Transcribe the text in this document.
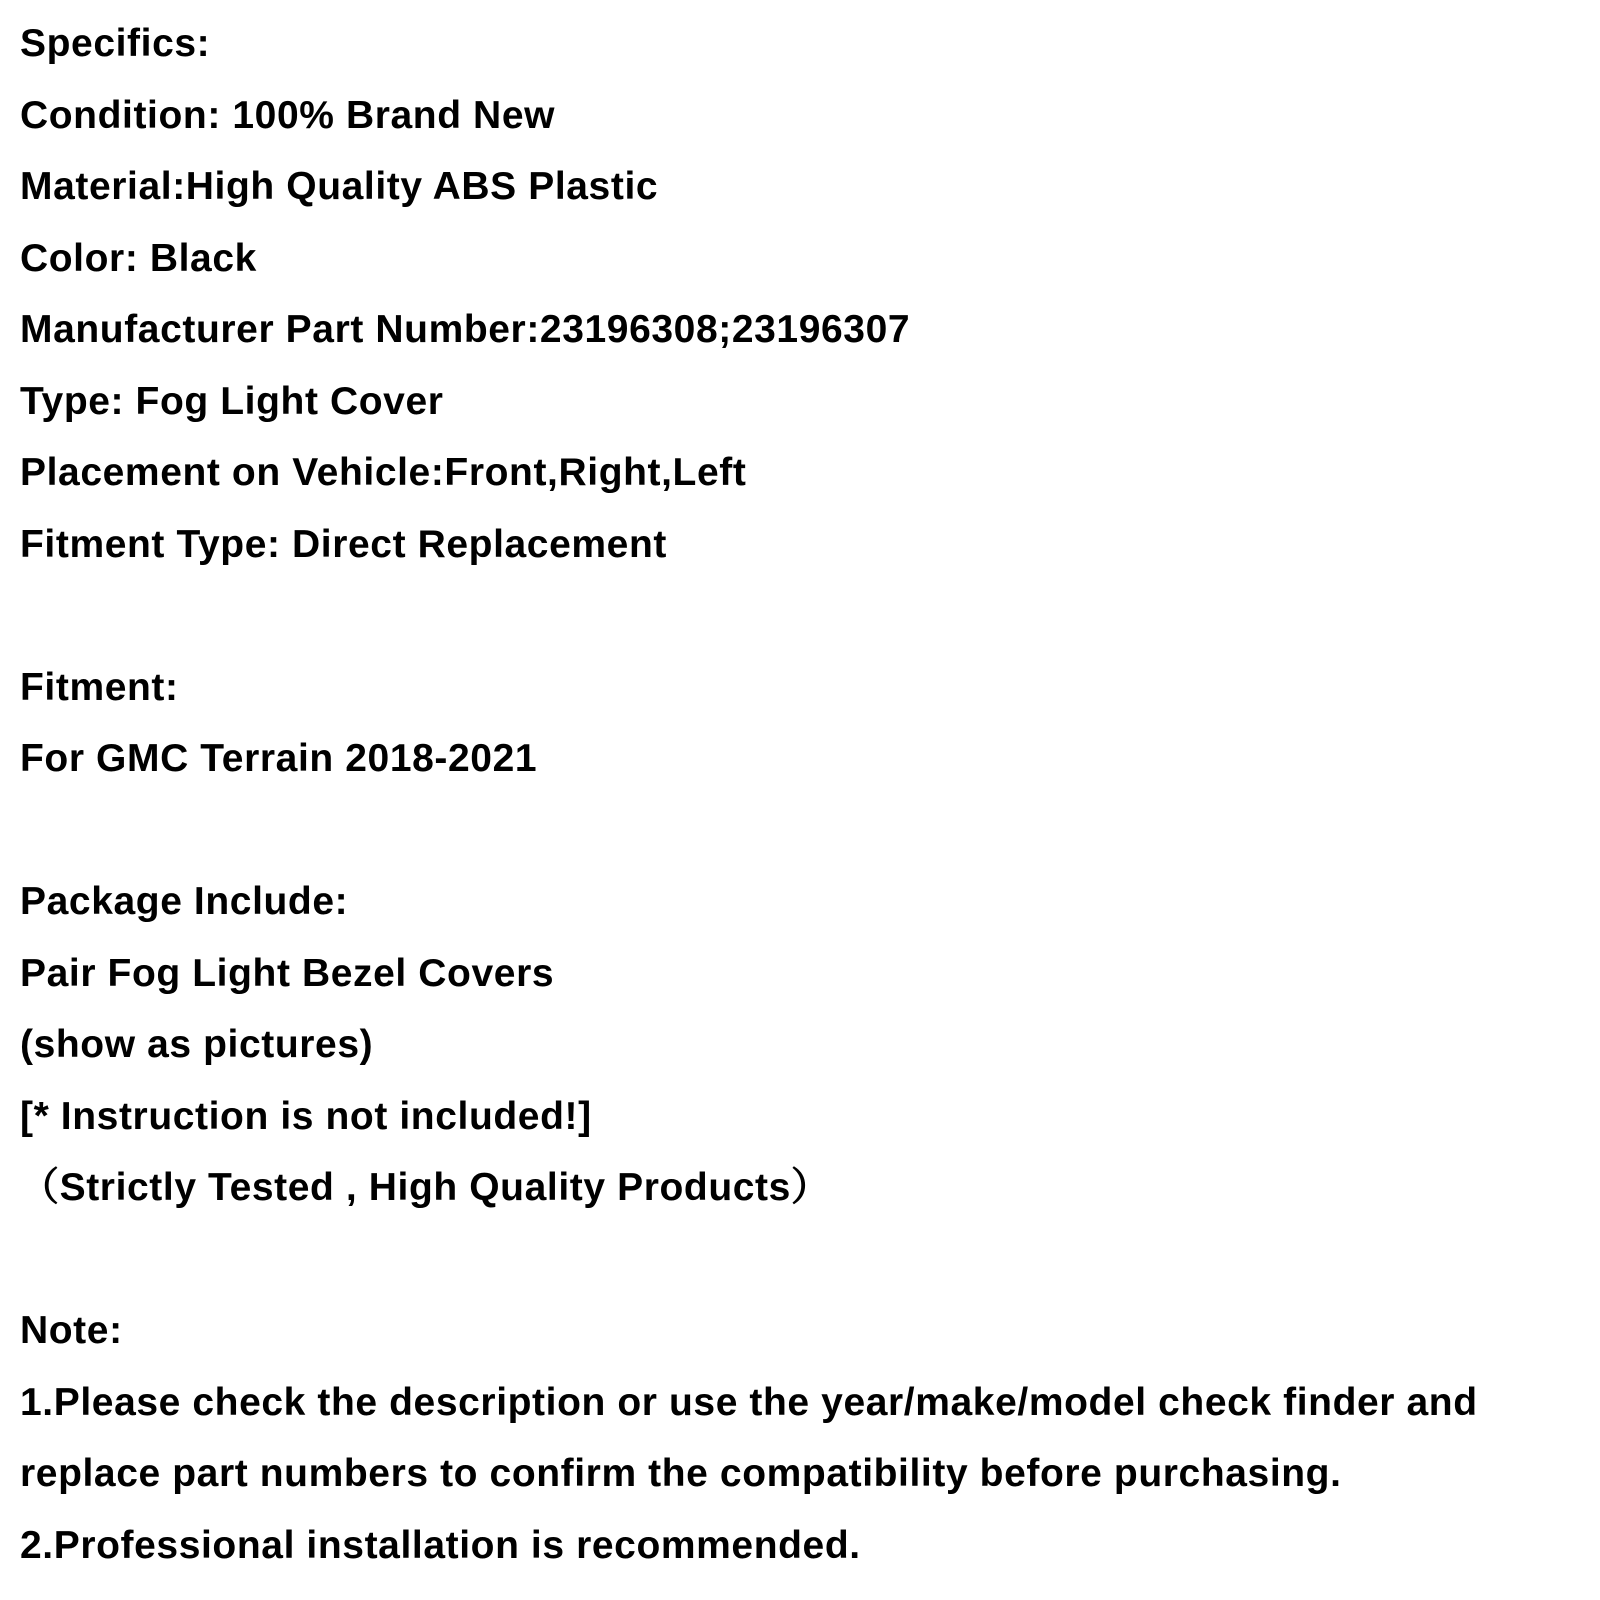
Specifics:
Condition: 100% Brand New
Material:High Quality ABS Plastic
Color: Black
Manufacturer Part Number:23196308;23196307
Type: Fog Light Cover
Placement on Vehicle:Front,Right,Left
Fitment Type: Direct Replacement
Fitment:
For GMC Terrain 2018-2021
Package Include:
Pair Fog Light Bezel Covers
(show as pictures)
[* Instruction is not included!]
（Strictly Tested , High Quality Products）
Note:
1.Please check the description or use the year/make/model check finder and
replace part numbers to confirm the compatibility before purchasing.
2.Professional installation is recommended.
